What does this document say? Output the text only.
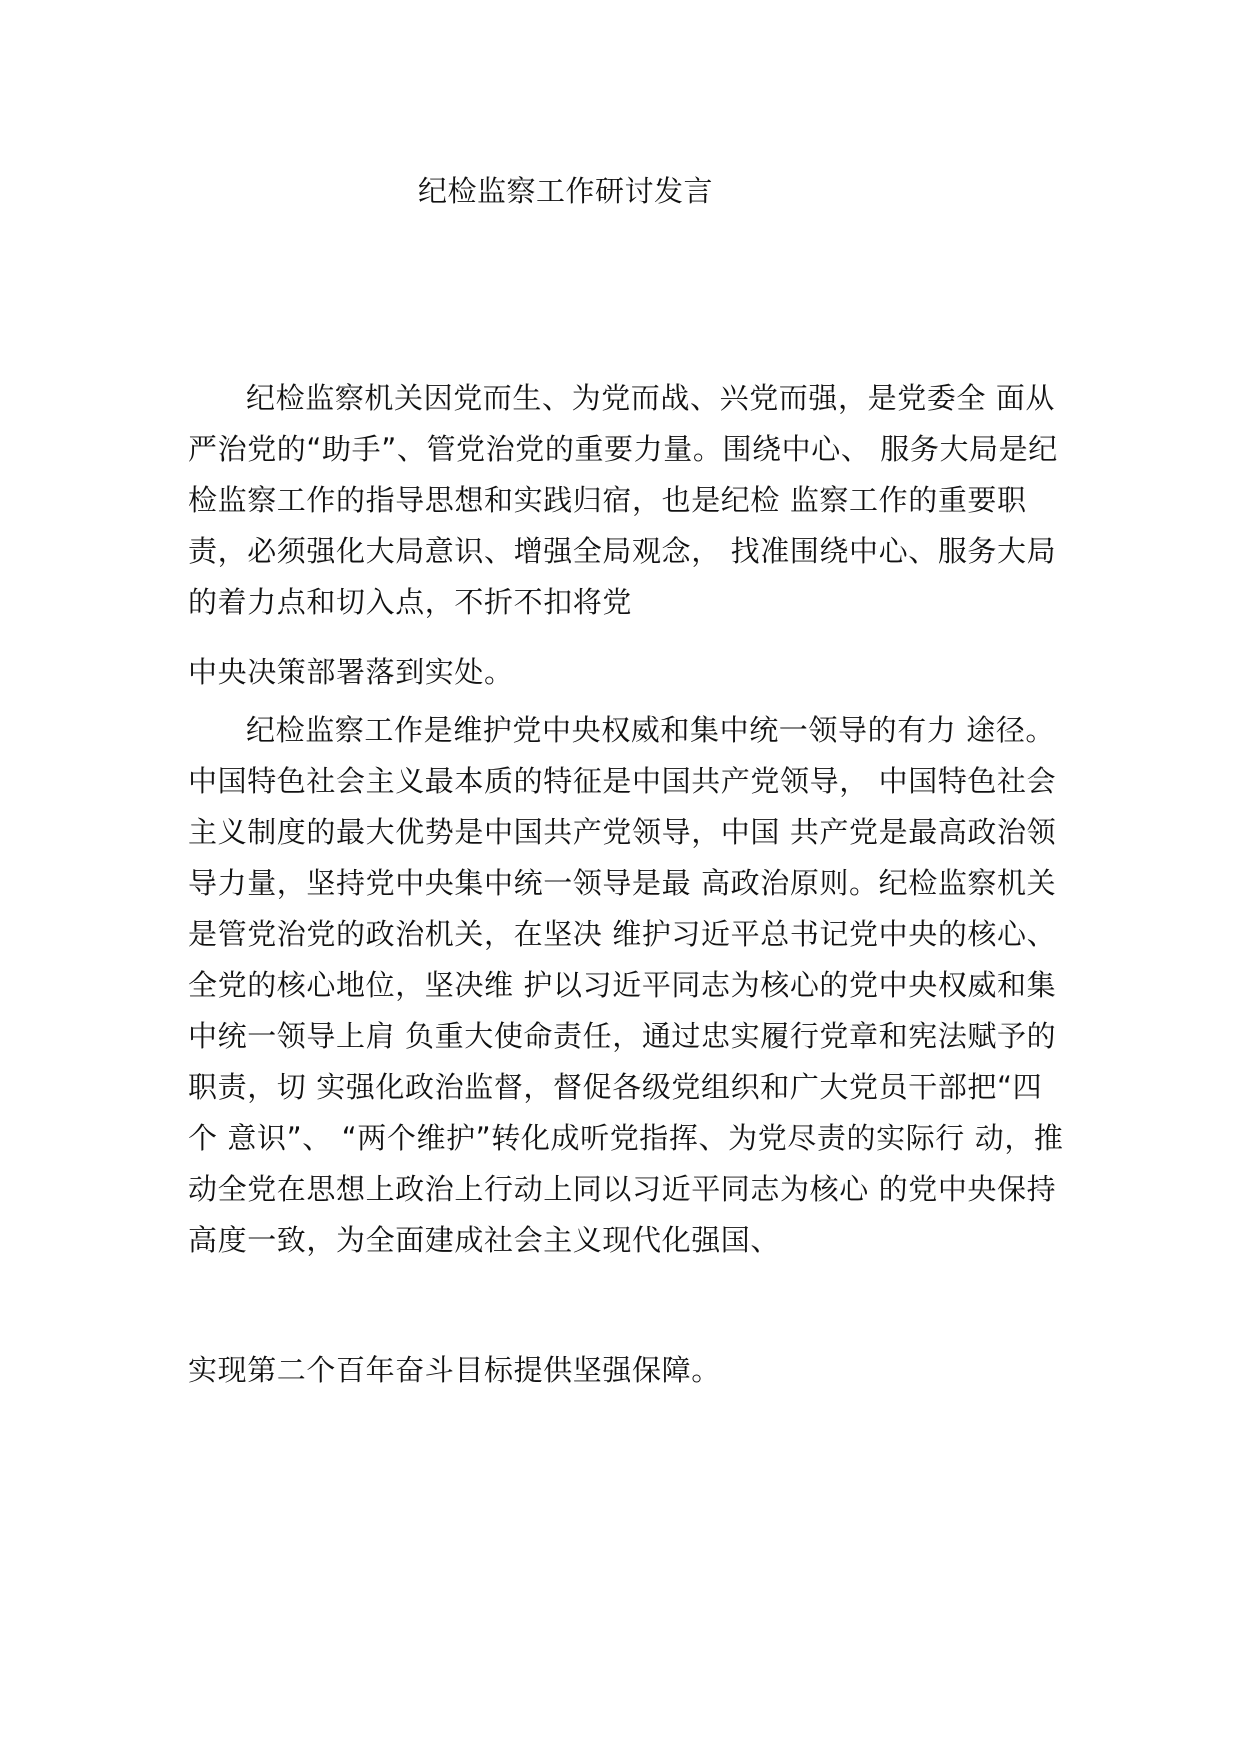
纪检监察工作研讨发言

纪检监察机关因党而生、为党而战、兴党而强，是党委全 面从严治党的“助手”、管党治党的重要力量。围绕中心、 服务大局是纪检监察工作的指导思想和实践归宿，也是纪检 监察工作的重要职责，必须强化大局意识、增强全局观念， 找准围绕中心、服务大局的着力点和切入点，不折不扣将党

中央决策部署落到实处。

纪检监察工作是维护党中央权威和集中统一领导的有力 途径。 中国特色社会主义最本质的特征是中国共产党领导， 中国特色社会主义制度的最大优势是中国共产党领导，中国 共产党是最高政治领导力量，坚持党中央集中统一领导是最 高政治原则。纪检监察机关是管党治党的政治机关，在坚决 维护习近平总书记党中央的核心、全党的核心地位，坚决维 护以习近平同志为核心的党中央权威和集中统一领导上肩 负重大使命责任，通过忠实履行党章和宪法赋予的职责，切 实强化政治监督，督促各级党组织和广大党员干部把“四个 意识”、 “两个维护”转化成听党指挥、为党尽责的实际行 动，推动全党在思想上政治上行动上同以习近平同志为核心 的党中央保持高度一致，为全面建成社会主义现代化强国、

实现第二个百年奋斗目标提供坚强保障。
